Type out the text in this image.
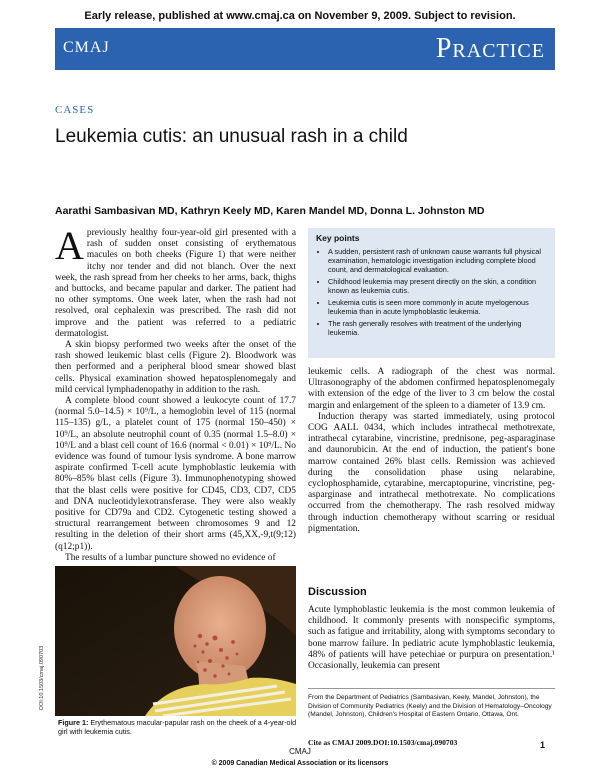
Early release, published at www.cmaj.ca on November 9, 2009. Subject to revision.
CMAJ	Practice
CASES
Leukemia cutis: an unusual rash in a child
Aarathi Sambasivan MD, Kathryn Keely MD, Karen Mandel MD, Donna L. Johnston MD

Apreviously healthy four-year-old girl presented with a rash of sudden onset consisting of erythematous macules on both cheeks (Figure 1) that were neither itchy nor tender and did not blanch. Over the next week, the rash spread from her cheeks to her arms, back, thighs and buttocks, and became papular and darker. The patient had no other symptoms. One week later, when the rash had not resolved, oral cephalexin was prescribed. The rash did not improve and the patient was referred to a pediatric dermatologist.

A skin biopsy performed two weeks after the onset of the rash showed leukemic blast cells (Figure 2). Bloodwork was then performed and a peripheral blood smear showed blast cells. Physical examination showed hepatosplenomegaly and mild cervical lymphadenopathy in addition to the rash.

A complete blood count showed a leukocyte count of 17.7 (normal 5.0–14.5) × 10⁹/L, a hemoglobin level of 115 (normal 115–135) g/L, a platelet count of 175 (normal 150–450) × 10⁹/L, an absolute neutrophil count of 0.35 (normal 1.5–8.0) × 10⁹/L and a blast cell count of 16.6 (normal < 0.01) × 10⁹/L. No evidence was found of tumour lysis syndrome. A bone marrow aspirate confirmed T-cell acute lymphoblastic leukemia with 80%–85% blast cells (Figure 3). Immunophenotyping showed that the blast cells were positive for CD45, CD3, CD7, CD5 and DNA nucleotidylexotransferase. They were also weakly positive for CD79a and CD2. Cytogenetic testing showed a structural rearrangement between chromosomes 9 and 12 resulting in the deletion of their short arms (45,XX,-9,t(9;12)(q12;p1)).

The results of a lumbar puncture showed no evidence of

Key points
• A sudden, persistent rash of unknown cause warrants full physical examination, hematologic investigation including complete blood count, and dermatological evaluation.
• Childhood leukemia may present directly on the skin, a condition known as leukemia cutis.
• Leukemia cutis is seen more commonly in acute myelogenous leukemia than in acute lymphoblastic leukemia.
• The rash generally resolves with treatment of the underlying leukemia.

leukemic cells. A radiograph of the chest was normal. Ultrasonography of the abdomen confirmed hepatosplenomegaly with extension of the edge of the liver to 3 cm below the costal margin and enlargement of the spleen to a diameter of 13.9 cm.

Induction therapy was started immediately, using protocol COG AALL 0434, which includes intrathecal methotrexate, intrathecal cytarabine, vincristine, prednisone, peg-asparaginase and daunorubicin. At the end of induction, the patient's bone marrow contained 26% blast cells. Remission was achieved during the consolidation phase using nelarabine, cyclophosphamide, cytarabine, mercaptopurine, vincristine, peg-asparginase and intrathecal methotrexate. No complications occurred from the chemotherapy. The rash resolved midway through induction chemotherapy without scarring or residual pigmentation.

Discussion

Acute lymphoblastic leukemia is the most common leukemia of childhood. It commonly presents with nonspecific symptoms, such as fatigue and irritability, along with symptoms secondary to bone marrow failure. In pediatric acute lymphoblastic leukemia, 48% of patients will have petechiae or purpura on presentation.¹ Occasionally, leukemia can present

DOI:10.1503/cmaj.090703
Figure 1: Erythematous macular-papular rash on the cheek of a 4-year-old girl with leukemia cutis.
From the Department of Pediatrics (Sambasivan, Keely, Mandel, Johnston), the Division of Community Pediatrics (Keely) and the Division of Hematology–Oncology (Mandel, Johnston), Children's Hospital of Eastern Ontario, Ottawa, Ont.
Cite as CMAJ 2009.DOI:10.1503/cmaj.090703
CMAJ
© 2009 Canadian Medical Association or its licensors
1
